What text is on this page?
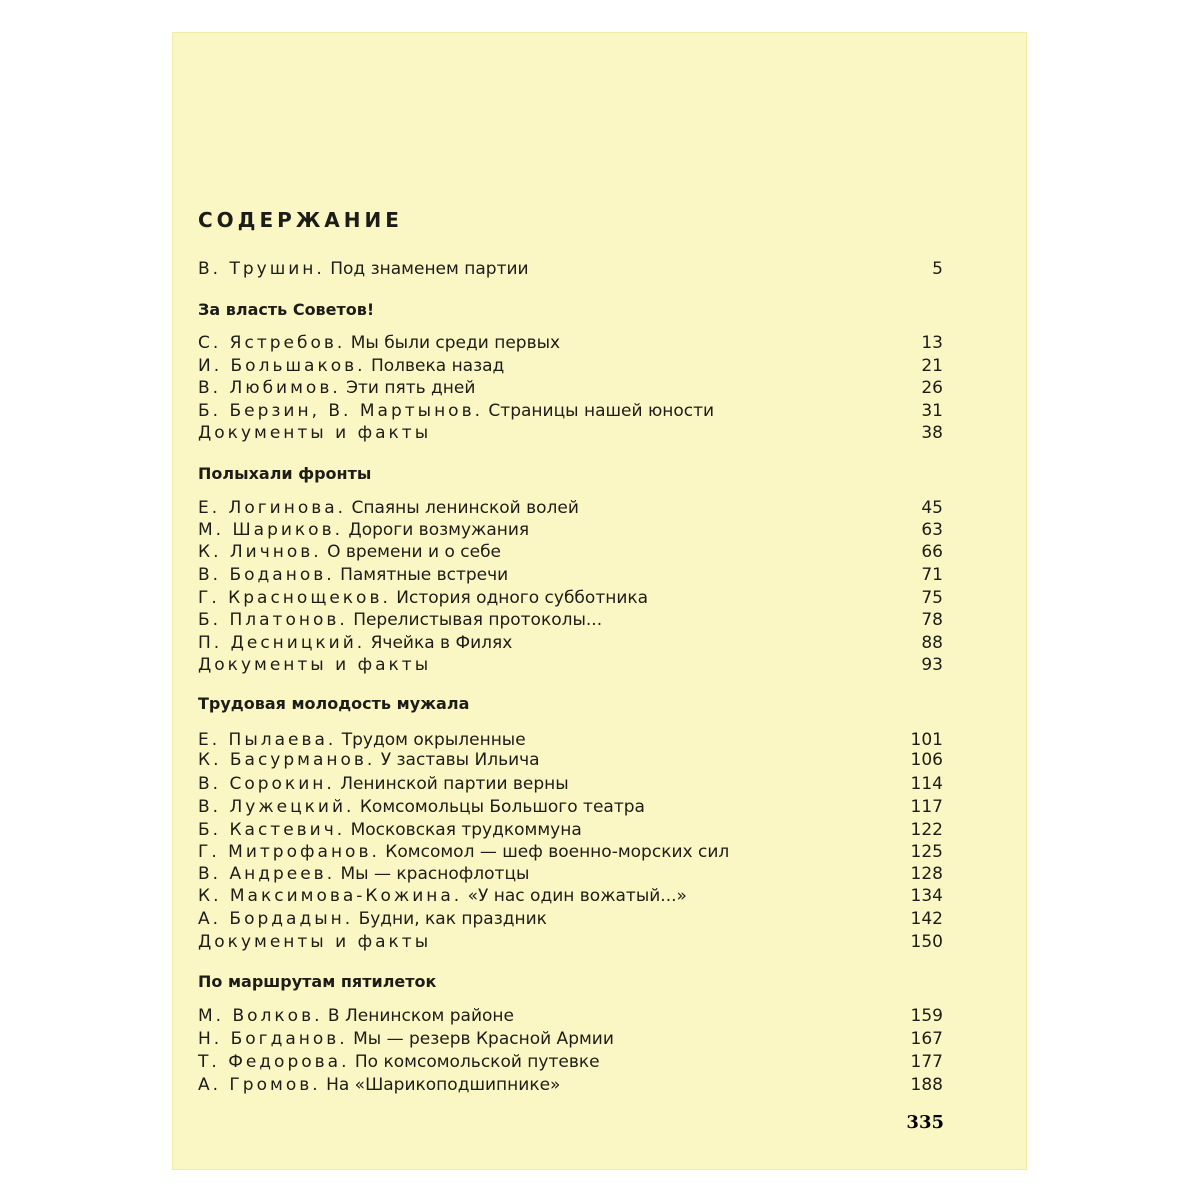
СОДЕРЖАНИЕ
В. Трушин. Под знаменем партии	5
За власть Советов!
С. Ястребов. Мы были среди первых	13
И. Большаков. Полвека назад	21
В. Любимов. Эти пять дней	26
Б. Берзин, В. Мартынов. Страницы нашей юности	31
Документы и факты	38
Полыхали фронты
Е. Логинова. Спаяны ленинской волей	45
М. Шариков. Дороги возмужания	63
К. Личнов. О времени и о себе	66
В. Боданов. Памятные встречи	71
Г. Краснощеков. История одного субботника	75
Б. Платонов. Перелистывая протоколы...	78
П. Десницкий. Ячейка в Филях	88
Документы и факты	93
Трудовая молодость мужала
Е. Пылаева. Трудом окрыленные	101
К. Басурманов. У заставы Ильича	106
В. Сорокин. Ленинской партии верны	114
В. Лужецкий. Комсомольцы Большого театра	117
Б. Кастевич. Московская трудкоммуна	122
Г. Митрофанов. Комсомол — шеф военно-морских сил	125
В. Андреев. Мы — краснофлотцы	128
К. Максимова-Кожина. «У нас один вожатый...»	134
А. Бордадын. Будни, как праздник	142
Документы и факты	150
По маршрутам пятилеток
М. Волков. В Ленинском районе	159
Н. Богданов. Мы — резерв Красной Армии	167
Т. Федорова. По комсомольской путевке	177
А. Громов. На «Шарикоподшипнике»	188
335
